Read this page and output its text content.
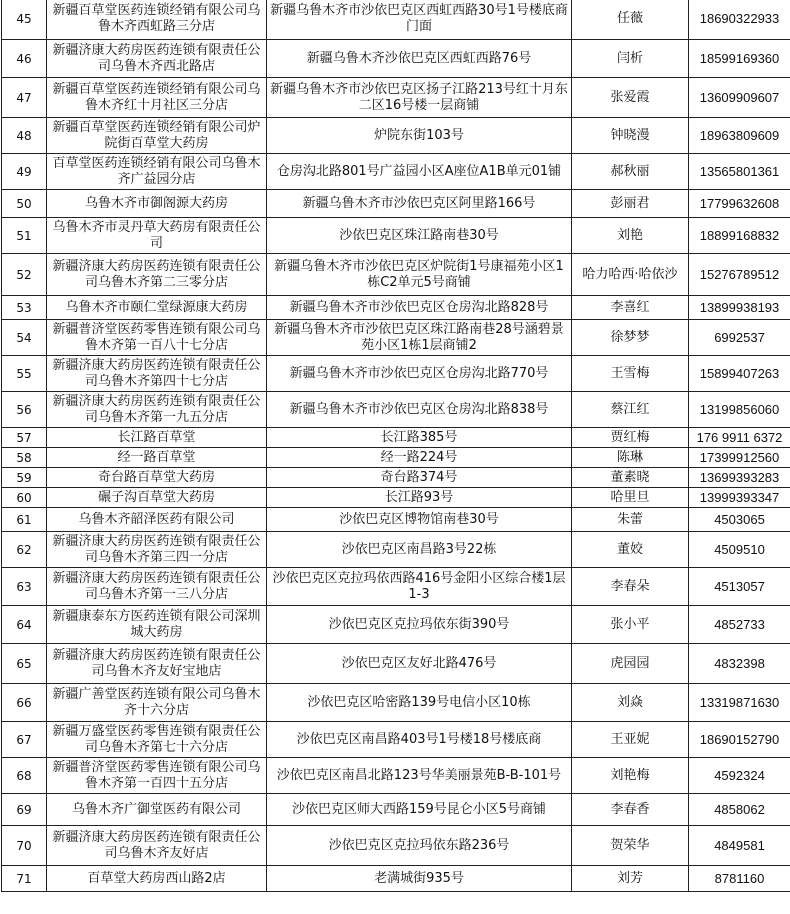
45	新疆百草堂医药连锁经销有限公司乌鲁木齐西虹路三分店	新疆乌鲁木齐市沙依巴克区西虹西路30号1号楼底商门面	任薇	18690322933
46	新疆济康大药房医药连锁有限责任公司乌鲁木齐西北路店	新疆乌鲁木齐沙依巴克区西虹西路76号	闫析	18599169360
47	新疆百草堂医药连锁经销有限公司乌鲁木齐红十月社区三分店	新疆乌鲁木齐市沙依巴克区扬子江路213号红十月东二区16号楼一层商铺	张爱霞	13609909607
48	新疆百草堂医药连锁经销有限公司炉院街百草堂大药房	炉院东街103号	钟晓漫	18963809609
49	百草堂医药连锁经销有限公司乌鲁木齐广益园分店	仓房沟北路801号广益园小区A座位A1B单元01铺	郝秋丽	13565801361
50	乌鲁木齐市御阁源大药房	新疆乌鲁木齐市沙依巴克区阿里路166号	彭丽君	17799632608
51	乌鲁木齐市灵丹草大药房有限责任公司	沙依巴克区珠江路南巷30号	刘艳	18899168832
52	新疆济康大药房医药连锁有限责任公司乌鲁木齐第二三零分店	新疆乌鲁木齐市沙依巴克区炉院街1号康福苑小区1栋C2单元5号商铺	哈力哈西·哈依沙	15276789512
53	乌鲁木齐市颐仁堂绿源康大药房	新疆乌鲁木齐市沙依巴克区仓房沟北路828号	李喜红	13899938193
54	新疆普济堂医药零售连锁有限公司乌鲁木齐第一百八十七分店	新疆乌鲁木齐市沙依巴克区珠江路南巷28号涵碧景苑小区1栋1层商铺2	徐梦梦	6992537
55	新疆济康大药房医药连锁有限责任公司乌鲁木齐第四十七分店	新疆乌鲁木齐市沙依巴克区仓房沟北路770号	王雪梅	15899407263
56	新疆济康大药房医药连锁有限责任公司乌鲁木齐第一九五分店	新疆乌鲁木齐市沙依巴克区仓房沟北路838号	蔡江红	13199856060
57	长江路百草堂	长江路385号	贾红梅	176 9911 6372
58	经一路百草堂	经一路224号	陈琳	17399912560
59	奇台路百草堂大药房	奇台路374号	董素晓	13699393283
60	碾子沟百草堂大药房	长江路93号	哈里旦	13999393347
61	乌鲁木齐韶泽医药有限公司	沙依巴克区博物馆南巷30号	朱蕾	4503065
62	新疆济康大药房医药连锁有限责任公司乌鲁木齐第三四一分店	沙依巴克区南昌路3号22栋	董姣	4509510
63	新疆济康大药房医药连锁有限责任公司乌鲁木齐第一三八分店	沙依巴克区克拉玛依西路416号金阳小区综合楼1层1-3	李春朵	4513057
64	新疆康泰东方医药连锁有限公司深圳城大药房	沙依巴克区克拉玛依东街390号	张小平	4852733
65	新疆济康大药房医药连锁有限责任公司乌鲁木齐友好宝地店	沙依巴克区友好北路476号	虎园园	4832398
66	新疆广善堂医药连锁有限公司乌鲁木齐十六分店	沙依巴克区哈密路139号电信小区10栋	刘焱	13319871630
67	新疆万盛堂医药零售连锁有限责任公司乌鲁木齐第七十六分店	沙依巴克区南昌路403号1号楼18号楼底商	王亚妮	18690152790
68	新疆普济堂医药零售连锁有限公司乌鲁木齐第一百四十五分店	沙依巴克区南昌北路123号华美丽景苑B-B-101号	刘艳梅	4592324
69	乌鲁木齐广御堂医药有限公司	沙依巴克区师大西路159号昆仑小区5号商铺	李春香	4858062
70	新疆济康大药房医药连锁有限责任公司乌鲁木齐友好店	沙依巴克区克拉玛依东路236号	贺荣华	4849581
71	百草堂大药房西山路2店	老满城街935号	刘芳	8781160
